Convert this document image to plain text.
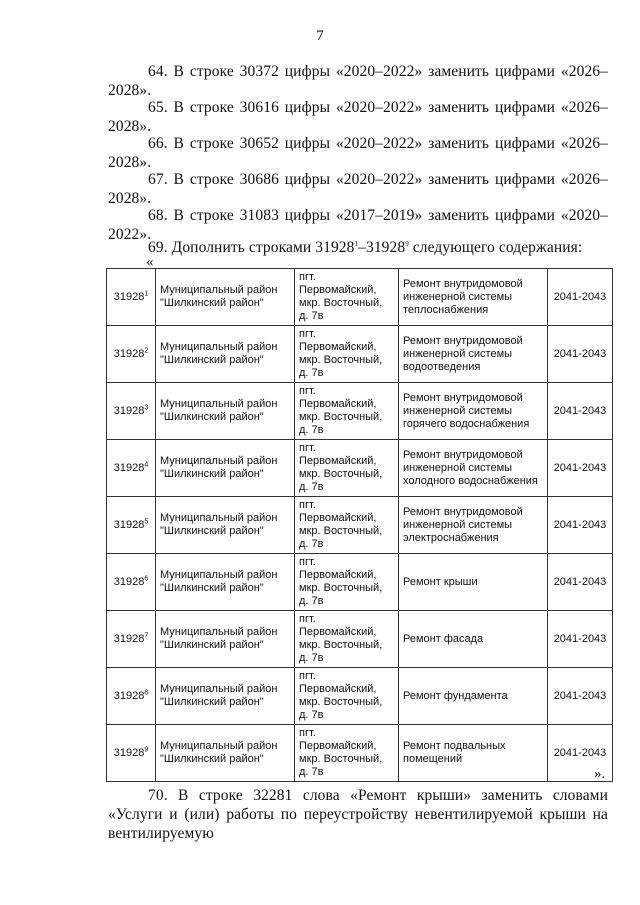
7
64. В строке 30372 цифры «2020–2022» заменить цифрами «2026–2028».
65. В строке 30616 цифры «2020–2022» заменить цифрами «2026–2028».
66. В строке 30652 цифры «2020–2022» заменить цифрами «2026–2028».
67. В строке 30686 цифры «2020–2022» заменить цифрами «2026–2028».
68. В строке 31083 цифры «2017–2019» заменить цифрами «2020–2022».
69. Дополнить строками 31928$^1$–31928$^9$ следующего содержания:
«
31928$^1$	Муниципальный район "Шилкинский район"	пгт. Первомайский, мкр. Восточный, д. 7в	Ремонт внутридомовой инженерной системы теплоснабжения	2041-2043
31928$^2$	Муниципальный район "Шилкинский район"	пгт. Первомайский, мкр. Восточный, д. 7в	Ремонт внутридомовой инженерной системы водоотведения	2041-2043
31928$^3$	Муниципальный район "Шилкинский район"	пгт. Первомайский, мкр. Восточный, д. 7в	Ремонт внутридомовой инженерной системы горячего водоснабжения	2041-2043
31928$^4$	Муниципальный район "Шилкинский район"	пгт. Первомайский, мкр. Восточный, д. 7в	Ремонт внутридомовой инженерной системы холодного водоснабжения	2041-2043
31928$^5$	Муниципальный район "Шилкинский район"	пгт. Первомайский, мкр. Восточный, д. 7в	Ремонт внутридомовой инженерной системы электроснабжения	2041-2043
31928$^6$	Муниципальный район "Шилкинский район"	пгт. Первомайский, мкр. Восточный, д. 7в	Ремонт крыши	2041-2043
31928$^7$	Муниципальный район "Шилкинский район"	пгт. Первомайский, мкр. Восточный, д. 7в	Ремонт фасада	2041-2043
31928$^8$	Муниципальный район "Шилкинский район"	пгт. Первомайский, мкр. Восточный, д. 7в	Ремонт фундамента	2041-2043
31928$^9$	Муниципальный район "Шилкинский район"	пгт. Первомайский, мкр. Восточный, д. 7в	Ремонт подвальных помещений	2041-2043
».
70. В строке 32281 слова «Ремонт крыши» заменить словами «Услуги и (или) работы по переустройству невентилируемой крыши на вентилируемую
